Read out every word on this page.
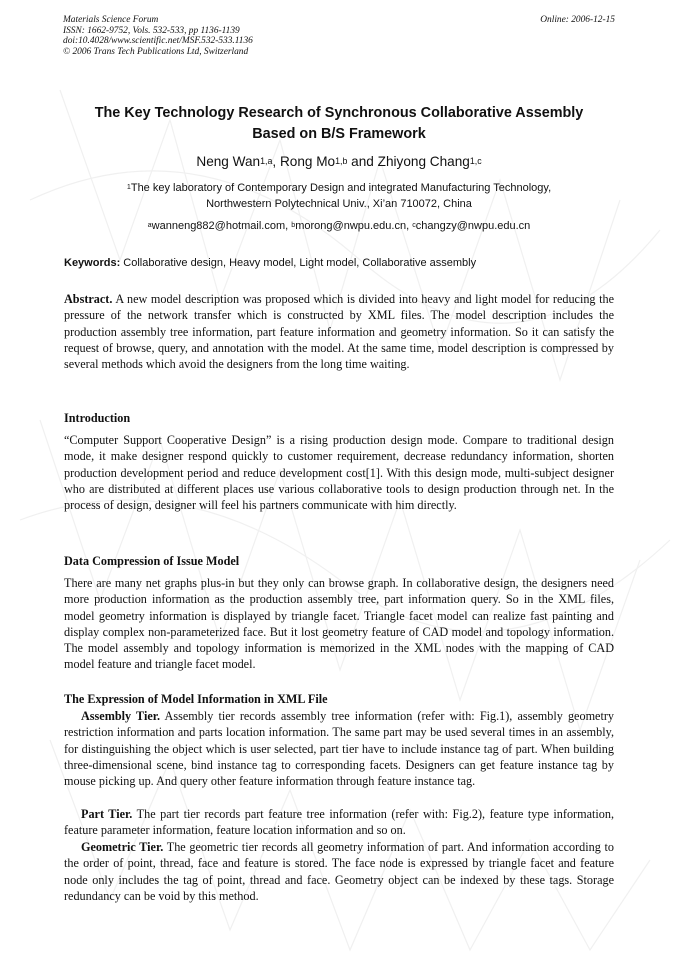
Materials Science Forum
ISSN: 1662-9752, Vols. 532-533, pp 1136-1139
doi:10.4028/www.scientific.net/MSF.532-533.1136
© 2006 Trans Tech Publications Ltd, Switzerland
Online: 2006-12-15
The Key Technology Research of Synchronous Collaborative Assembly
Based on B/S Framework
Neng Wan$^{1,a}$, Rong Mo$^{1,b}$ and Zhiyong Chang$^{1,c}$
$^1$The key laboratory of Contemporary Design and integrated Manufacturing Technology,
Northwestern Polytechnical Univ., Xi’an 710072, China
$^a$wanneng882@hotmail.com, $^b$morong@nwpu.edu.cn, $^c$changzy@nwpu.edu.cn
Keywords: Collaborative design, Heavy model, Light model, Collaborative assembly

Abstract. A new model description was proposed which is divided into heavy and light model for reducing the pressure of the network transfer which is constructed by XML files. The model description includes the production assembly tree information, part feature information and geometry information. So it can satisfy the request of browse, query, and annotation with the model. At the same time, model description is compressed by several methods which avoid the designers from the long time waiting.

Introduction

“Computer Support Cooperative Design” is a rising production design mode. Compare to traditional design mode, it make designer respond quickly to customer requirement, decrease redundancy information, shorten production development period and reduce development cost[1]. With this design mode, multi-subject designer who are distributed at different places use various collaborative tools to design production through net. In the process of design, designer will feel his partners communicate with him directly.

Data Compression of Issue Model

There are many net graphs plus-in but they only can browse graph. In collaborative design, the designers need more production information as the production assembly tree, part information query. So in the XML files, model geometry information is displayed by triangle facet. Triangle facet model can realize fast painting and display complex non-parameterized face. But it lost geometry feature of CAD model and topology information. The model assembly and topology information is memorized in the XML nodes with the mapping of CAD model feature and triangle facet model.

The Expression of Model Information in XML File

Assembly Tier. Assembly tier records assembly tree information (refer with: Fig.1), assembly geometry restriction information and parts location information. The same part may be used several times in an assembly, for distinguishing the object which is user selected, part tier have to include instance tag of part. When building three-dimensional scene, bind instance tag to corresponding facets. Designers can get feature instance tag by mouse picking up. And query other feature information through feature instance tag.

Part Tier. The part tier records part feature tree information (refer with: Fig.2), feature type information, feature parameter information, feature location information and so on.

Geometric Tier. The geometric tier records all geometry information of part. And information according to the order of point, thread, face and feature is stored. The face node is expressed by triangle facet and feature node only includes the tag of point, thread and face. Geometry object can be indexed by these tags. Storage redundancy can be void by this method.
